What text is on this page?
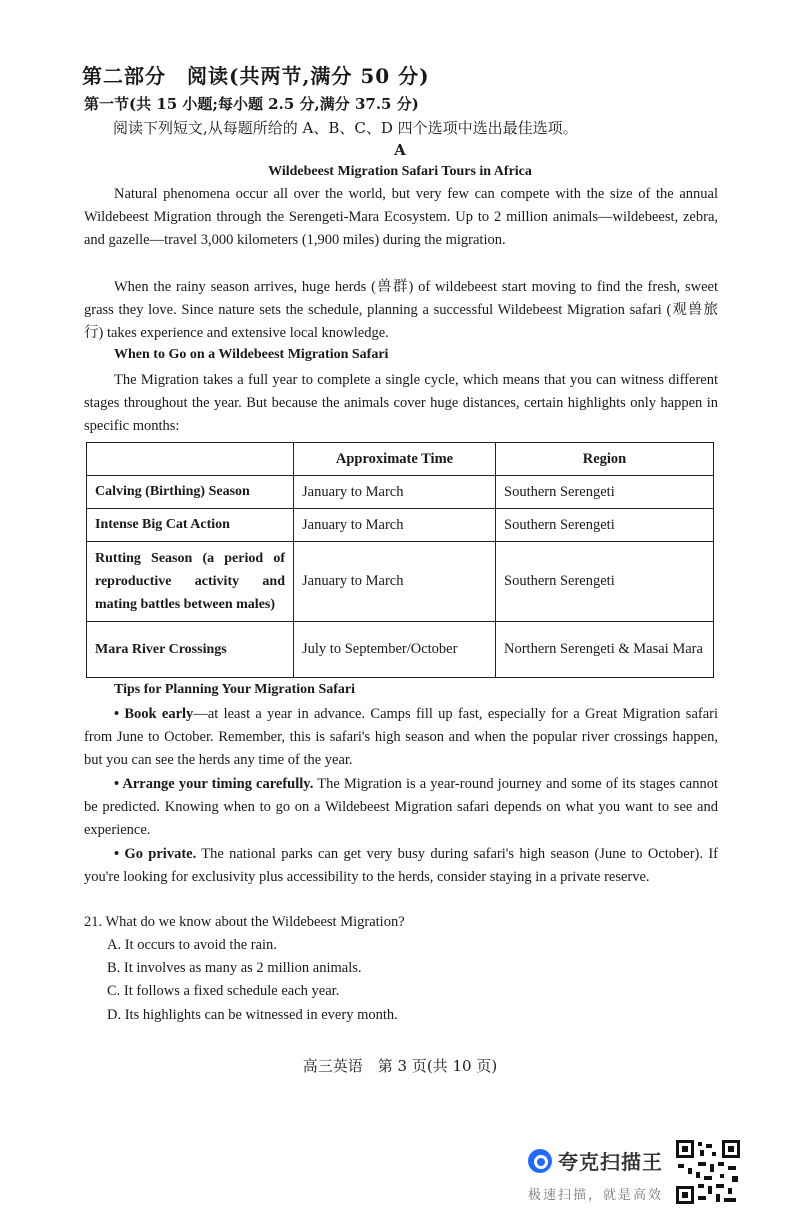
第二部分　阅读(共两节,满分 50 分)
第一节(共 15 小题;每小题 2.5 分,满分 37.5 分)
阅读下列短文,从每题所给的 A、B、C、D 四个选项中选出最佳选项。
A
Wildebeest Migration Safari Tours in Africa
Natural phenomena occur all over the world, but very few can compete with the size of the annual Wildebeest Migration through the Serengeti-Mara Ecosystem. Up to 2 million animals—wildebeest, zebra, and gazelle—travel 3,000 kilometers (1,900 miles) during the migration.
When the rainy season arrives, huge herds (兽群) of wildebeest start moving to find the fresh, sweet grass they love. Since nature sets the schedule, planning a successful Wildebeest Migration safari (观兽旅行) takes experience and extensive local knowledge.
When to Go on a Wildebeest Migration Safari
The Migration takes a full year to complete a single cycle, which means that you can witness different stages throughout the year. But because the animals cover huge distances, certain highlights only happen in specific months:
	Approximate Time	Region
Calving (Birthing) Season	January to March	Southern Serengeti
Intense Big Cat Action	January to March	Southern Serengeti
Rutting Season (a period of reproductive activity and mating battles between males)	January to March	Southern Serengeti
Mara River Crossings	July to September/October	Northern Serengeti & Masai Mara
Tips for Planning Your Migration Safari
• Book early—at least a year in advance. Camps fill up fast, especially for a Great Migration safari from June to October. Remember, this is safari's high season and when the popular river crossings happen, but you can see the herds any time of the year.
• Arrange your timing carefully. The Migration is a year-round journey and some of its stages cannot be predicted. Knowing when to go on a Wildebeest Migration safari depends on what you want to see and experience.
• Go private. The national parks can get very busy during safari's high season (June to October). If you're looking for exclusivity plus accessibility to the herds, consider staying in a private reserve.
21. What do we know about the Wildebeest Migration?
A. It occurs to avoid the rain.
B. It involves as many as 2 million animals.
C. It follows a fixed schedule each year.
D. Its highlights can be witnessed in every month.
高三英语　第 3 页(共 10 页)
夸克扫描王
极速扫描，就是高效
